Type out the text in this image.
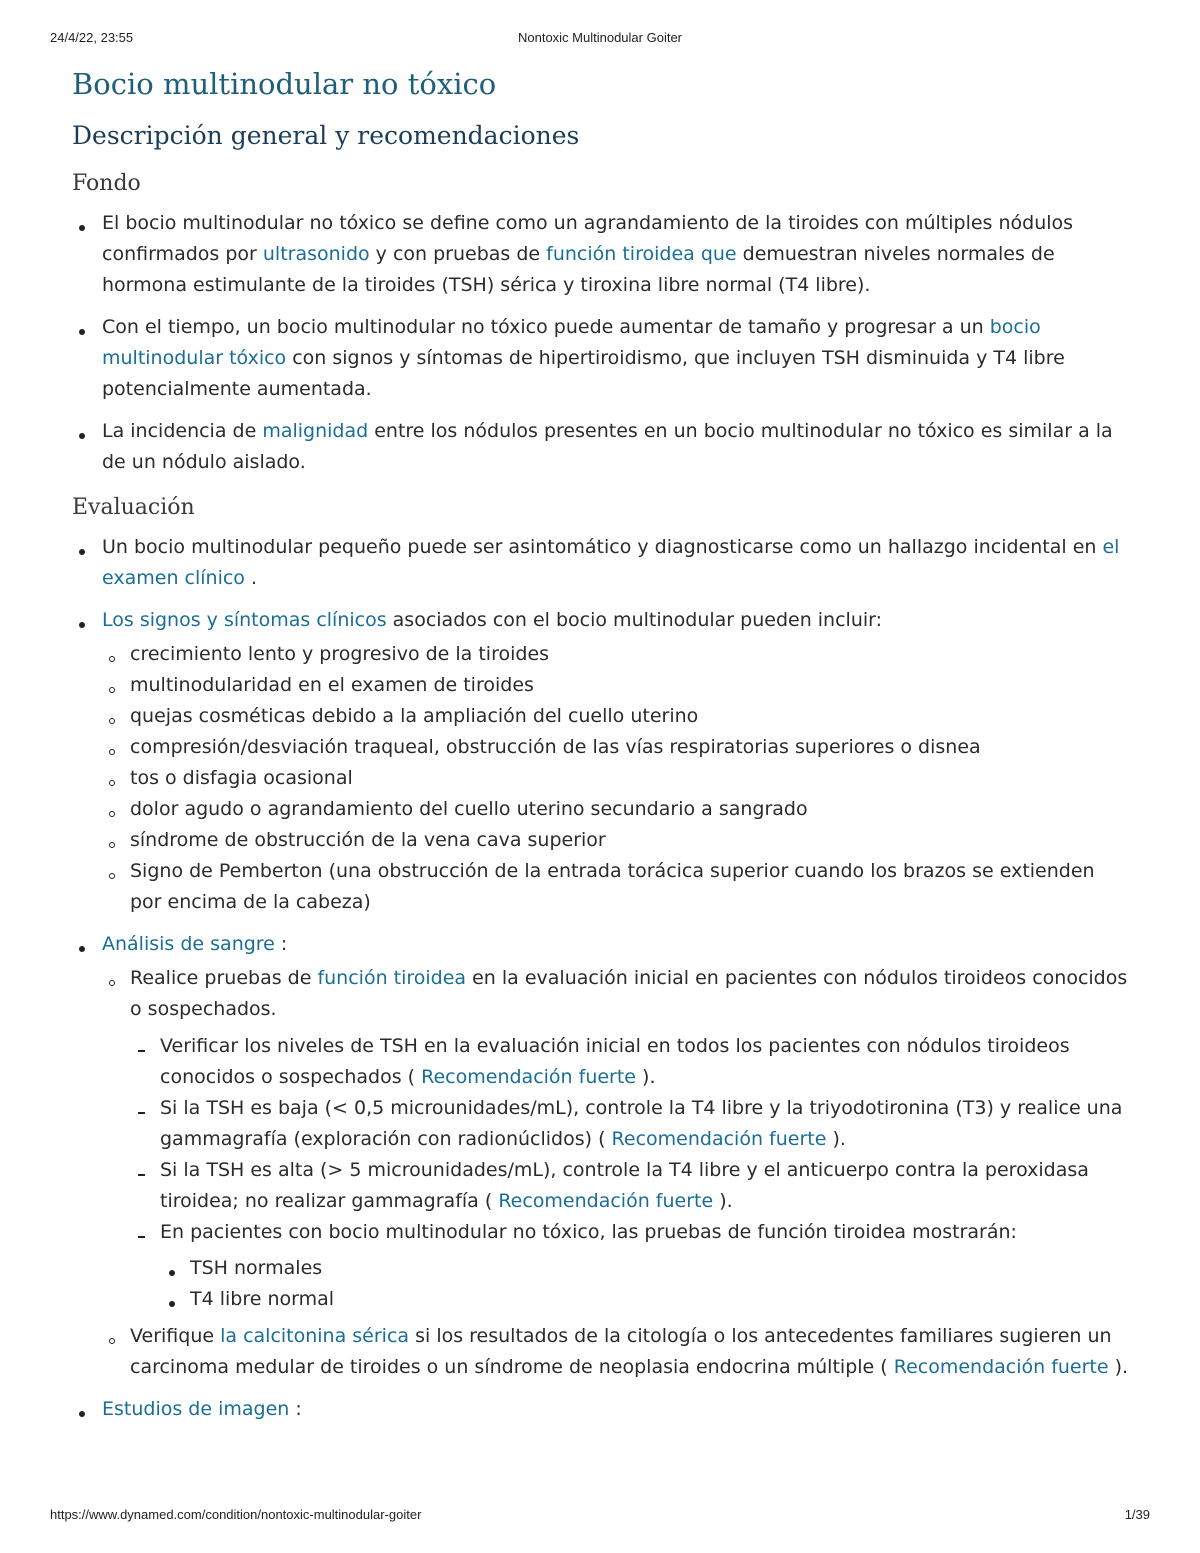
24/4/22, 23:55	Nontoxic Multinodular Goiter
Bocio multinodular no tóxico
Descripción general y recomendaciones
Fondo
El bocio multinodular no tóxico se define como un agrandamiento de la tiroides con múltiples nódulos confirmados por ultrasonido y con pruebas de función tiroidea que demuestran niveles normales de hormona estimulante de la tiroides (TSH) sérica y tiroxina libre normal (T4 libre).
Con el tiempo, un bocio multinodular no tóxico puede aumentar de tamaño y progresar a un bocio multinodular tóxico con signos y síntomas de hipertiroidismo, que incluyen TSH disminuida y T4 libre potencialmente aumentada.
La incidencia de malignidad entre los nódulos presentes en un bocio multinodular no tóxico es similar a la de un nódulo aislado.
Evaluación
Un bocio multinodular pequeño puede ser asintomático y diagnosticarse como un hallazgo incidental en el examen clínico .
Los signos y síntomas clínicos asociados con el bocio multinodular pueden incluir:
crecimiento lento y progresivo de la tiroides
multinodularidad en el examen de tiroides
quejas cosméticas debido a la ampliación del cuello uterino
compresión/desviación traqueal, obstrucción de las vías respiratorias superiores o disnea
tos o disfagia ocasional
dolor agudo o agrandamiento del cuello uterino secundario a sangrado
síndrome de obstrucción de la vena cava superior
Signo de Pemberton (una obstrucción de la entrada torácica superior cuando los brazos se extienden por encima de la cabeza)
Análisis de sangre :
Realice pruebas de función tiroidea en la evaluación inicial en pacientes con nódulos tiroideos conocidos o sospechados.
Verificar los niveles de TSH en la evaluación inicial en todos los pacientes con nódulos tiroideos conocidos o sospechados ( Recomendación fuerte ).
Si la TSH es baja (< 0,5 microunidades/mL), controle la T4 libre y la triyodotironina (T3) y realice una gammagrafía (exploración con radionúclidos) ( Recomendación fuerte ).
Si la TSH es alta (> 5 microunidades/mL), controle la T4 libre y el anticuerpo contra la peroxidasa tiroidea; no realizar gammagrafía ( Recomendación fuerte ).
En pacientes con bocio multinodular no tóxico, las pruebas de función tiroidea mostrarán:
TSH normales
T4 libre normal
Verifique la calcitonina sérica si los resultados de la citología o los antecedentes familiares sugieren un carcinoma medular de tiroides o un síndrome de neoplasia endocrina múltiple ( Recomendación fuerte ).
Estudios de imagen :
https://www.dynamed.com/condition/nontoxic-multinodular-goiter	1/39
